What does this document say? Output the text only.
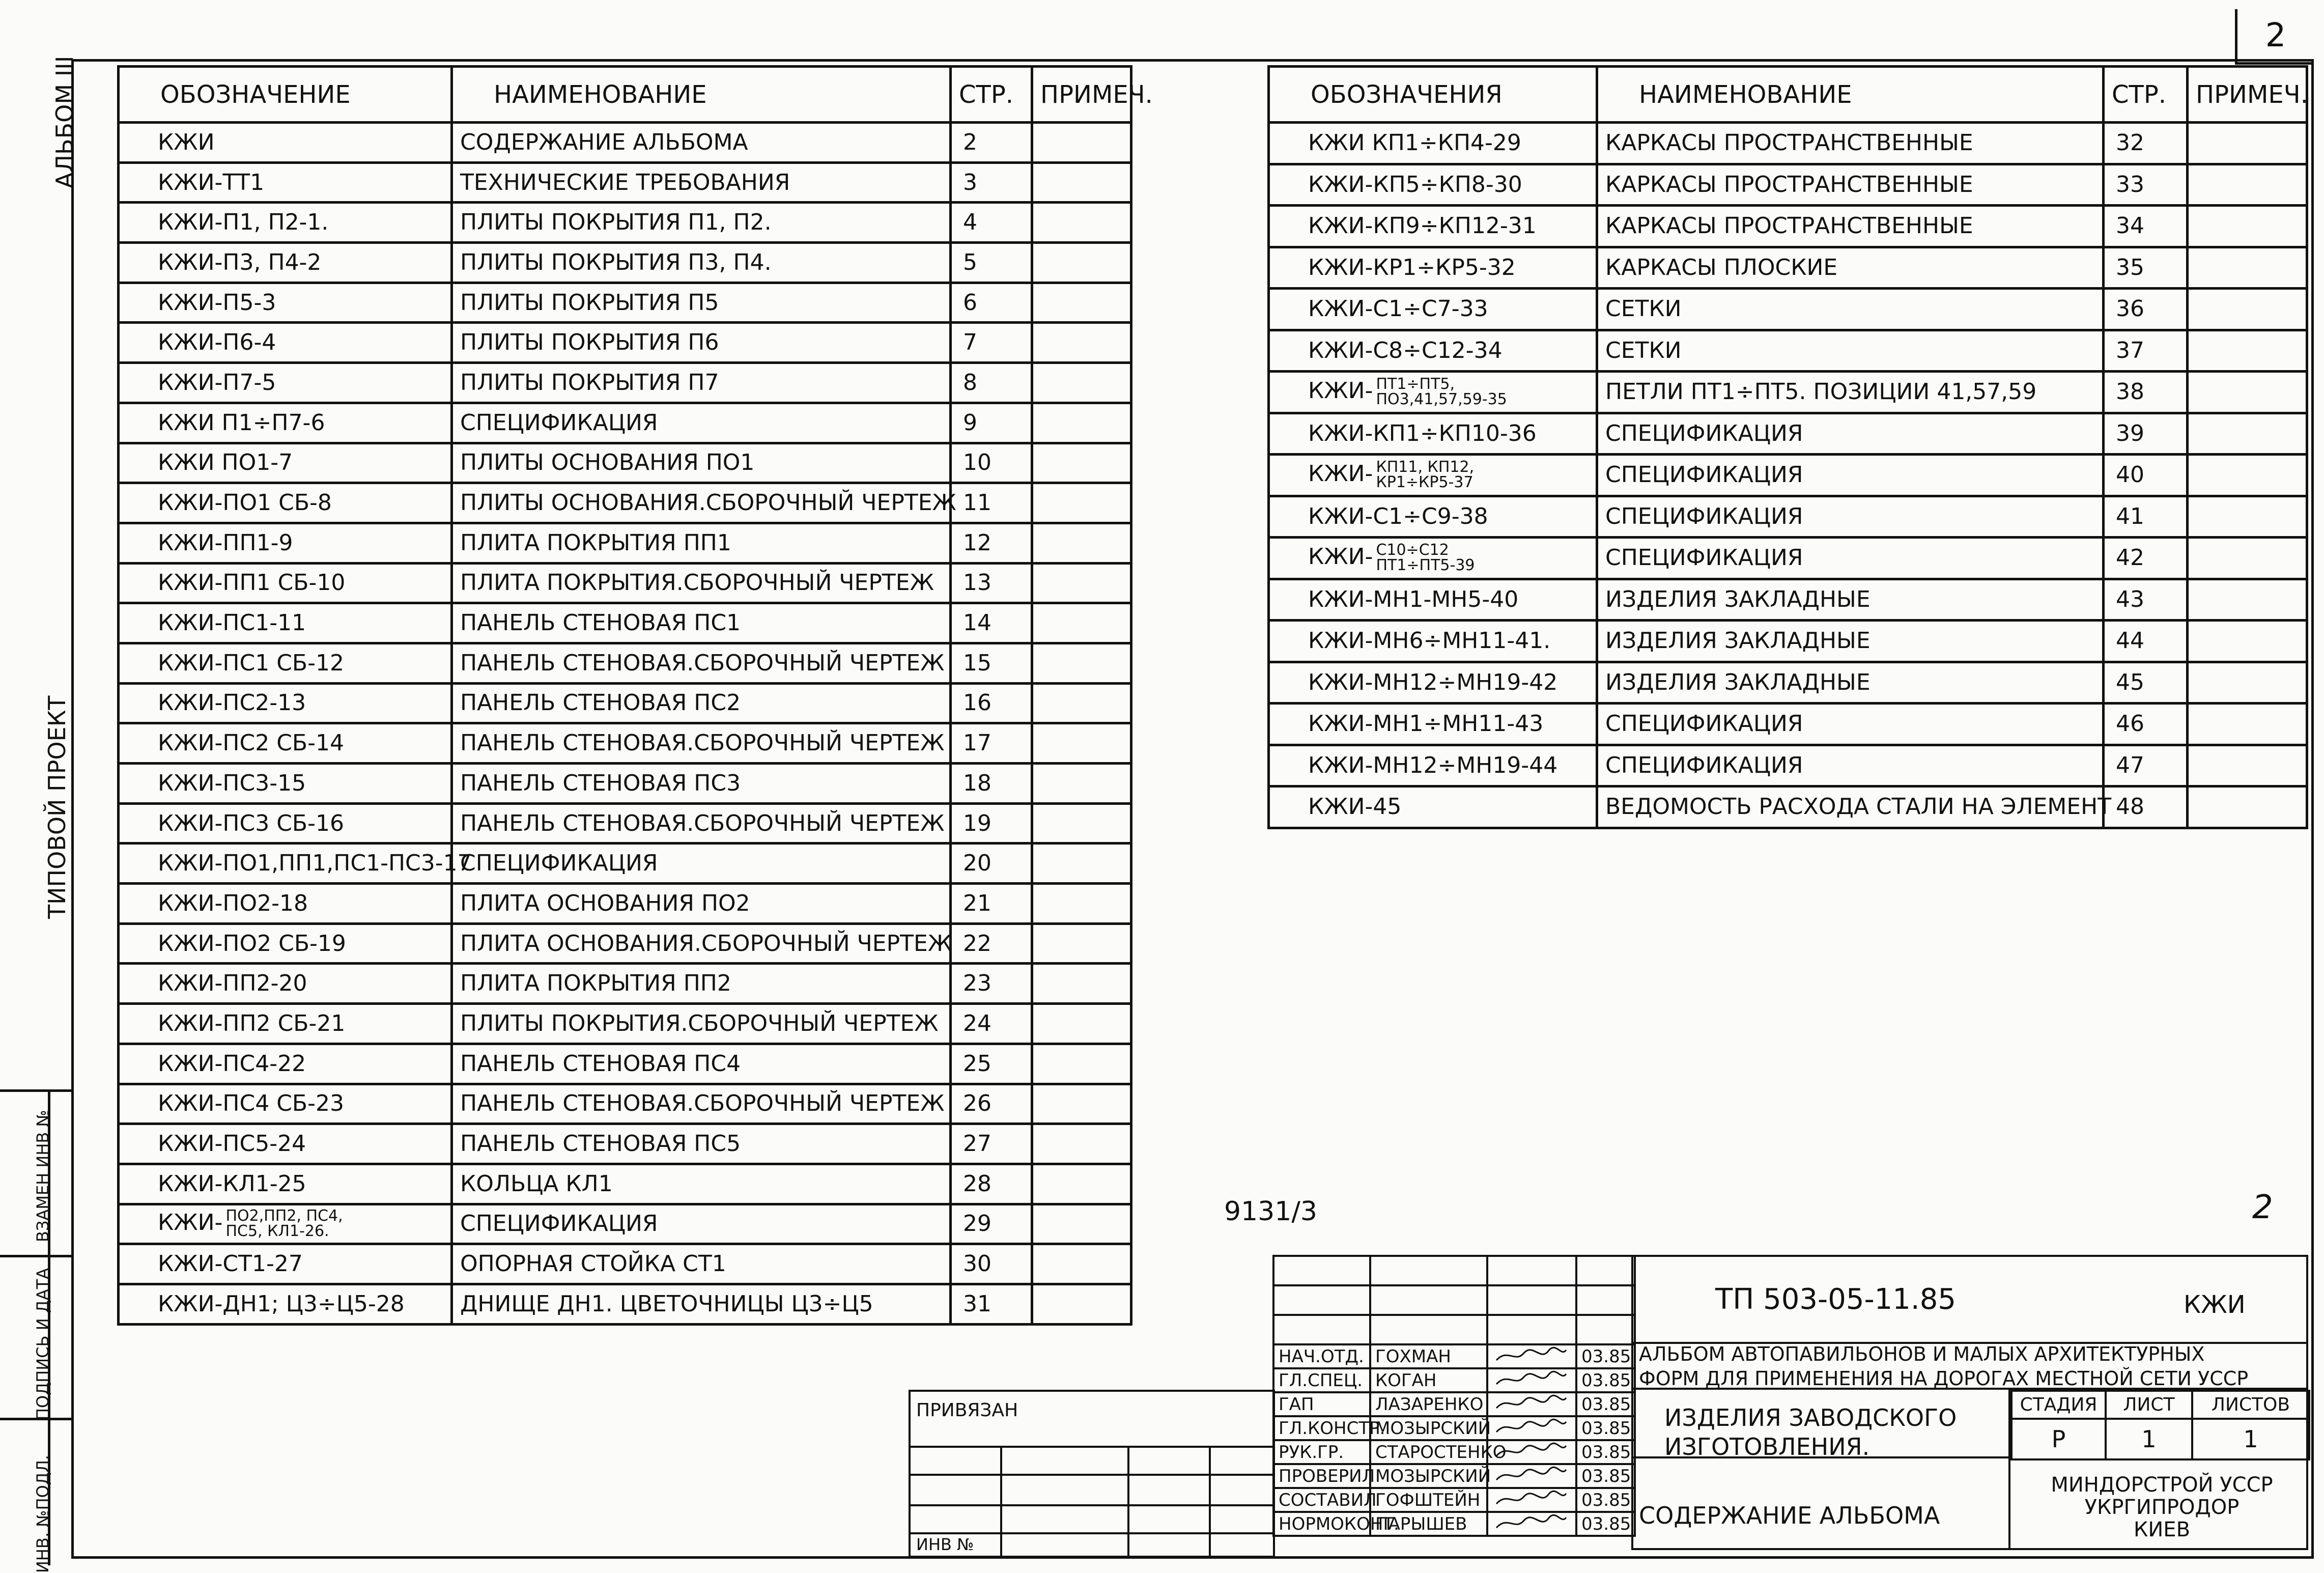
2
АЛЬБОМ III
ТИПОВОЙ ПРОЕКТ
ВЗАМЕН ИНВ №
ПОДПИСЬ И ДАТА
ИНВ. №ПОДЛ.
ОБОЗНАЧЕНИЕ	НАИМЕНОВАНИЕ	СТР.	ПРИМЕЧ.
КЖИ	СОДЕРЖАНИЕ АЛЬБОМА	2	
КЖИ-ТТ1	ТЕХНИЧЕСКИЕ ТРЕБОВАНИЯ	3	
КЖИ-П1, П2-1.	ПЛИТЫ ПОКРЫТИЯ П1, П2.	4	
КЖИ-П3, П4-2	ПЛИТЫ ПОКРЫТИЯ П3, П4.	5	
КЖИ-П5-3	ПЛИТЫ ПОКРЫТИЯ П5	6	
КЖИ-П6-4	ПЛИТЫ ПОКРЫТИЯ П6	7	
КЖИ-П7-5	ПЛИТЫ ПОКРЫТИЯ П7	8	
КЖИ П1÷П7-6	СПЕЦИФИКАЦИЯ	9	
КЖИ ПО1-7	ПЛИТЫ ОСНОВАНИЯ ПО1	10	
КЖИ-ПО1 СБ-8	ПЛИТЫ ОСНОВАНИЯ.СБОРОЧНЫЙ ЧЕРТЕЖ	11	
КЖИ-ПП1-9	ПЛИТА ПОКРЫТИЯ ПП1	12	
КЖИ-ПП1 СБ-10	ПЛИТА ПОКРЫТИЯ.СБОРОЧНЫЙ ЧЕРТЕЖ	13	
КЖИ-ПС1-11	ПАНЕЛЬ СТЕНОВАЯ ПС1	14	
КЖИ-ПС1 СБ-12	ПАНЕЛЬ СТЕНОВАЯ.СБОРОЧНЫЙ ЧЕРТЕЖ	15	
КЖИ-ПС2-13	ПАНЕЛЬ СТЕНОВАЯ ПС2	16	
КЖИ-ПС2 СБ-14	ПАНЕЛЬ СТЕНОВАЯ.СБОРОЧНЫЙ ЧЕРТЕЖ	17	
КЖИ-ПС3-15	ПАНЕЛЬ СТЕНОВАЯ ПС3	18	
КЖИ-ПС3 СБ-16	ПАНЕЛЬ СТЕНОВАЯ.СБОРОЧНЫЙ ЧЕРТЕЖ	19	
КЖИ-ПО1,ПП1,ПС1-ПС3-17	СПЕЦИФИКАЦИЯ	20	
КЖИ-ПО2-18	ПЛИТА ОСНОВАНИЯ ПО2	21	
КЖИ-ПО2 СБ-19	ПЛИТА ОСНОВАНИЯ.СБОРОЧНЫЙ ЧЕРТЕЖ	22	
КЖИ-ПП2-20	ПЛИТА ПОКРЫТИЯ ПП2	23	
КЖИ-ПП2 СБ-21	ПЛИТЫ ПОКРЫТИЯ.СБОРОЧНЫЙ ЧЕРТЕЖ	24	
КЖИ-ПС4-22	ПАНЕЛЬ СТЕНОВАЯ ПС4	25	
КЖИ-ПС4 СБ-23	ПАНЕЛЬ СТЕНОВАЯ.СБОРОЧНЫЙ ЧЕРТЕЖ	26	
КЖИ-ПС5-24	ПАНЕЛЬ СТЕНОВАЯ ПС5	27	
КЖИ-КЛ1-25	КОЛЬЦА КЛ1	28	
КЖИ- ПО2,ПП2, ПС4,
ПС5, КЛ1-26.	СПЕЦИФИКАЦИЯ	29	
КЖИ-СТ1-27	ОПОРНАЯ СТОЙКА СТ1	30	
КЖИ-ДН1; Ц3÷Ц5-28	ДНИЩЕ ДН1. ЦВЕТОЧНИЦЫ Ц3÷Ц5	31	
ОБОЗНАЧЕНИЯ	НАИМЕНОВАНИЕ	СТР.	ПРИМЕЧ.
КЖИ КП1÷КП4-29	КАРКАСЫ ПРОСТРАНСТВЕННЫЕ	32	
КЖИ-КП5÷КП8-30	КАРКАСЫ ПРОСТРАНСТВЕННЫЕ	33	
КЖИ-КП9÷КП12-31	КАРКАСЫ ПРОСТРАНСТВЕННЫЕ	34	
КЖИ-КР1÷КР5-32	КАРКАСЫ ПЛОСКИЕ	35	
КЖИ-С1÷С7-33	СЕТКИ	36	
КЖИ-С8÷С12-34	СЕТКИ	37	
КЖИ- ПТ1÷ПТ5,
ПО3,41,57,59-35	ПЕТЛИ ПТ1÷ПТ5. ПОЗИЦИИ 41,57,59	38	
КЖИ-КП1÷КП10-36	СПЕЦИФИКАЦИЯ	39	
КЖИ- КП11, КП12,
КР1÷КР5-37	СПЕЦИФИКАЦИЯ	40	
КЖИ-С1÷С9-38	СПЕЦИФИКАЦИЯ	41	
КЖИ- С10÷С12
ПТ1÷ПТ5-39	СПЕЦИФИКАЦИЯ	42	
КЖИ-МН1-МН5-40	ИЗДЕЛИЯ ЗАКЛАДНЫЕ	43	
КЖИ-МН6÷МН11-41.	ИЗДЕЛИЯ ЗАКЛАДНЫЕ	44	
КЖИ-МН12÷МН19-42	ИЗДЕЛИЯ ЗАКЛАДНЫЕ	45	
КЖИ-МН1÷МН11-43	СПЕЦИФИКАЦИЯ	46	
КЖИ-МН12÷МН19-44	СПЕЦИФИКАЦИЯ	47	
КЖИ-45	ВЕДОМОСТЬ РАСХОДА СТАЛИ НА ЭЛЕМЕНТ	48	
9131/3	2

НАЧ.ОТД.	ГОХМАН		03.85
ГЛ.СПЕЦ.	КОГАН		03.85
ГАП	ЛАЗАРЕНКО		03.85
ГЛ.КОНСТР.	МОЗЫРСКИЙ		03.85
РУК.ГР.	СТАРОСТЕНКО		03.85
ПРОВЕРИЛ	МОЗЫРСКИЙ		03.85
СОСТАВИЛ	ГОФШТЕЙН		03.85
НОРМОКОНТ.	ПАРЫШЕВ		03.85
ТП 503-05-11.85	КЖИ
АЛЬБОМ АВТОПАВИЛЬОНОВ И МАЛЫХ АРХИТЕКТУРНЫХ
ФОРМ ДЛЯ ПРИМЕНЕНИЯ НА ДОРОГАХ МЕСТНОЙ СЕТИ УССР
ИЗДЕЛИЯ ЗАВОДСКОГО
ИЗГОТОВЛЕНИЯ.
СТАДИЯ	ЛИСТ	ЛИСТОВ
Р	1	1
СОДЕРЖАНИЕ АЛЬБОМА
МИНДОРСТРОЙ УССР
УКРГИПРОДОР
КИЕВ
ПРИВЯЗАН
ИНВ №
